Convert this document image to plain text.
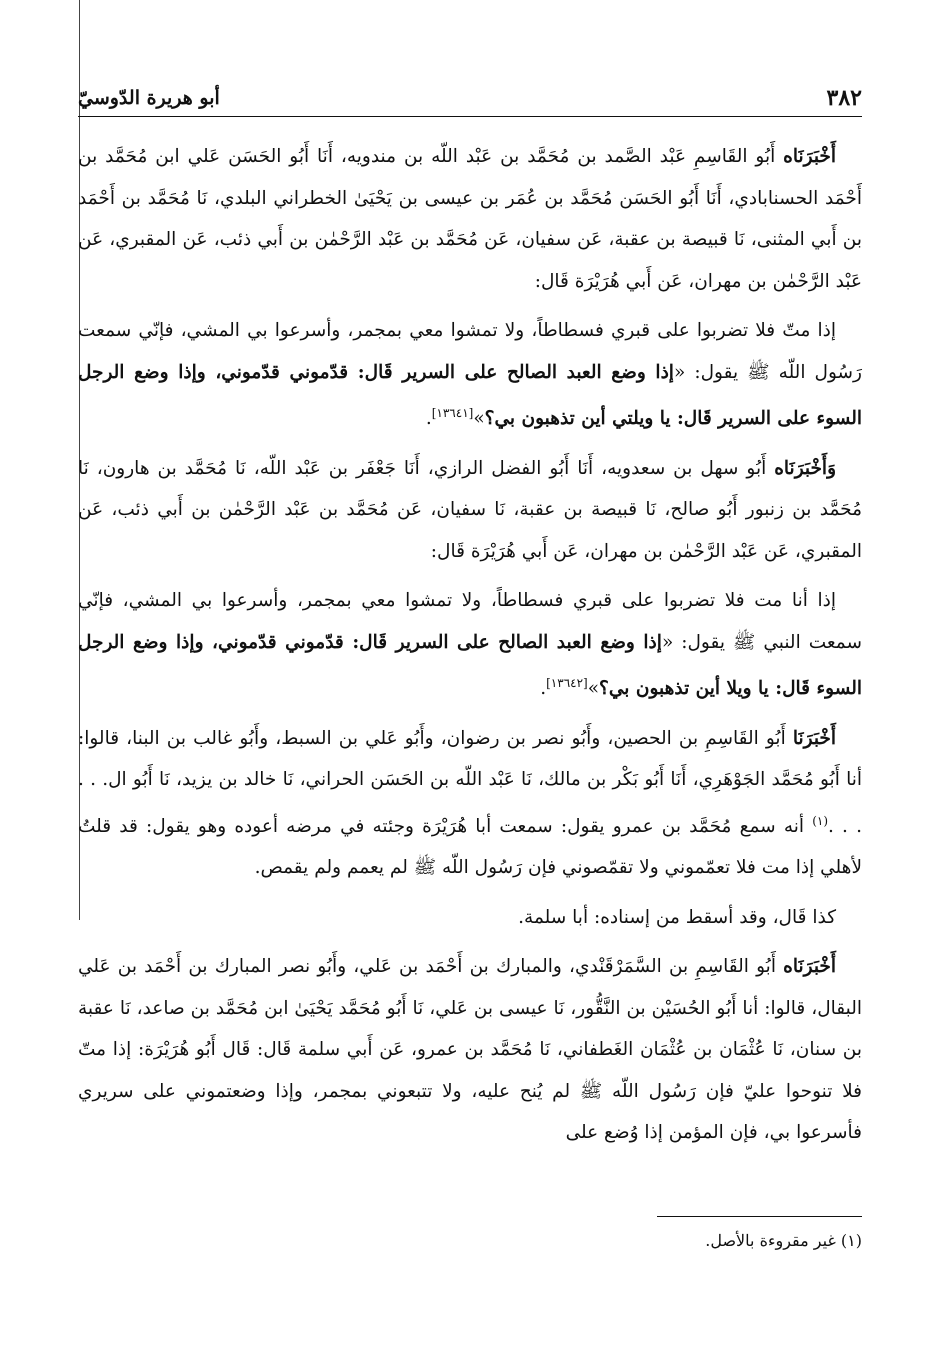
٣٨٢
أبو هريرة الدّوسيّ

أَخْبَرَنَاه أَبُو القَاسِمِ عَبْد الصَّمد بن مُحَمَّد بن عَبْد اللّه بن مندويه، أَنَا أَبُو الحَسَن عَلي ابن مُحَمَّد بن أَحْمَد الحسنابادي، أَنَا أَبُو الحَسَن مُحَمَّد بن عُمَر بن عيسى بن يَحْيَىٰ الخطراني البلدي، نَا مُحَمَّد بن أَحْمَد بن أَبي المثنى، نَا قبيصة بن عقبة، عَن سفيان، عَن مُحَمَّد بن عَبْد الرَّحْمٰن بن أَبي ذئب، عَن المقبري، عَن عَبْد الرَّحْمٰن بن مهران، عَن أَبي هُرَيْرَة قَال:

إذا متّ فلا تضربوا على قبري فسطاطاً، ولا تمشوا معي بمجمر، وأسرعوا بي المشي، فإنّي سمعت رَسُول اللّه ﷺ يقول: «إذا وضع العبد الصالح على السرير قَال: قدّموني قدّموني، وإذا وضع الرجل السوء على السرير قَال: يا ويلتي أين تذهبون بي؟»[١٣٦٤١].

وَأَخْبَرَنَاه أَبُو سهل بن سعدويه، أَنَا أَبُو الفضل الرازي، أَنَا جَعْفَر بن عَبْد اللّه، نَا مُحَمَّد بن هارون، نَا مُحَمَّد بن زنبور أَبُو صالح، نَا قبيصة بن عقبة، نَا سفيان، عَن مُحَمَّد بن عَبْد الرَّحْمٰن بن أَبي ذئب، عَن المقبري، عَن عَبْد الرَّحْمٰن بن مهران، عَن أَبي هُرَيْرَة قَال:

إذا أنا مت فلا تضربوا على قبري فسطاطاً، ولا تمشوا معي بمجمر، وأسرعوا بي المشي، فإنّي سمعت النبي ﷺ يقول: «إذا وضع العبد الصالح على السرير قَال: قدّموني قدّموني، وإذا وضع الرجل السوء قَال: يا ويلا أين تذهبون بي؟»[١٣٦٤٢].

أَخْبَرَنَا أَبُو القَاسِمِ بن الحصين، وأَبُو نصر بن رضوان، وأَبُو عَلي بن السبط، وأَبُو غالب بن البنا، قالوا: أنا أَبُو مُحَمَّد الجَوْهَرِي، أَنَا أَبُو بَكْر بن مالك، نَا عَبْد اللّه بن الحَسَن الحراني، نَا خالد بن يزيد، نَا أَبُو ال. . . . . .$^{(١)}$ أنه سمع مُحَمَّد بن عمرو يقول: سمعت أبا هُرَيْرَة وجئته في مرضه أعوده وهو يقول: قد قلتُ لأهلي إذا مت فلا تعمّموني ولا تقمّصوني فإن رَسُول اللّه ﷺ لم يعمم ولم يقمص.

كذا قَال، وقد أسقط من إسناده: أبا سلمة.

أَخْبَرَنَاه أَبُو القَاسِمِ بن السَّمَرْقَنْدي، والمبارك بن أَحْمَد بن عَلي، وأَبُو نصر المبارك بن أَحْمَد بن عَلي البقال، قالوا: أنا أَبُو الحُسَيْن بن النَّقُّور، نَا عيسى بن عَلي، نَا أَبُو مُحَمَّد يَحْيَىٰ ابن مُحَمَّد بن صاعد، نَا عقبة بن سنان، نَا عُثْمَان بن عُثْمَان الغَطفاني، نَا مُحَمَّد بن عمرو، عَن أَبي سلمة قَال: قَال أَبُو هُرَيْرَة: إذا متّ فلا تنوحوا عليّ فإن رَسُول اللّه ﷺ لم يُنح عليه، ولا تتبعوني بمجمر، وإذا وضعتموني على سريري فأسرعوا بي، فإن المؤمن إذا وُضع على

(١) غير مقروءة بالأصل.
